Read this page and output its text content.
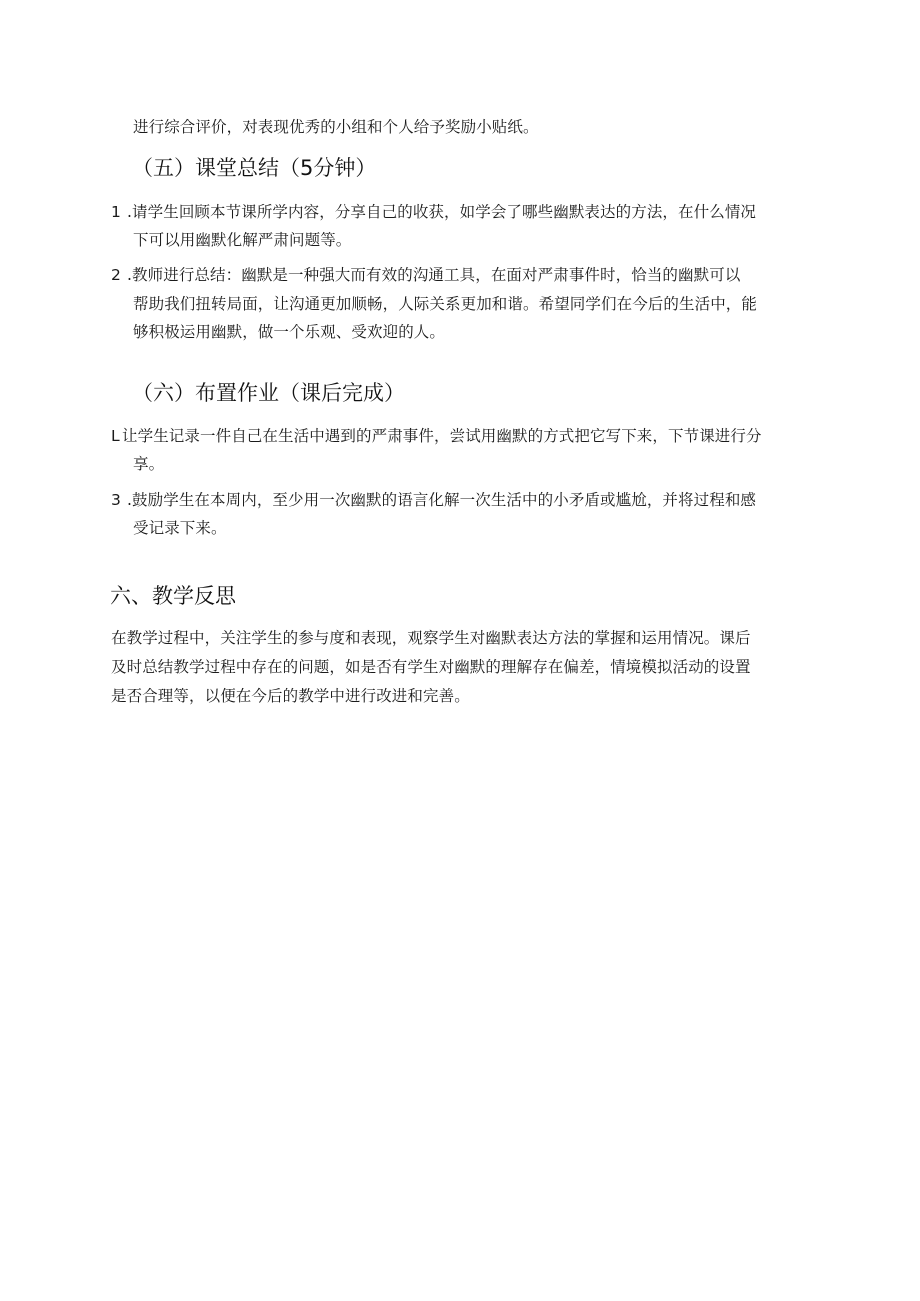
进行综合评价，对表现优秀的小组和个人给予奖励小贴纸。
（五）课堂总结（5分钟）
1 .请学生回顾本节课所学内容，分享自己的收获，如学会了哪些幽默表达的方法，在什么情况
下可以用幽默化解严肃问题等。
2 .教师进行总结：幽默是一种强大而有效的沟通工具，在面对严肃事件时，恰当的幽默可以
帮助我们扭转局面，让沟通更加顺畅，人际关系更加和谐。希望同学们在今后的生活中，能
够积极运用幽默，做一个乐观、受欢迎的人。
（六）布置作业（课后完成）
L 让学生记录一件自己在生活中遇到的严肃事件，尝试用幽默的方式把它写下来，下节课进行分
享。
3 .鼓励学生在本周内，至少用一次幽默的语言化解一次生活中的小矛盾或尴尬，并将过程和感
受记录下来。
六、教学反思
在教学过程中，关注学生的参与度和表现，观察学生对幽默表达方法的掌握和运用情况。课后
及时总结教学过程中存在的问题，如是否有学生对幽默的理解存在偏差，情境模拟活动的设置
是否合理等，以便在今后的教学中进行改进和完善。
